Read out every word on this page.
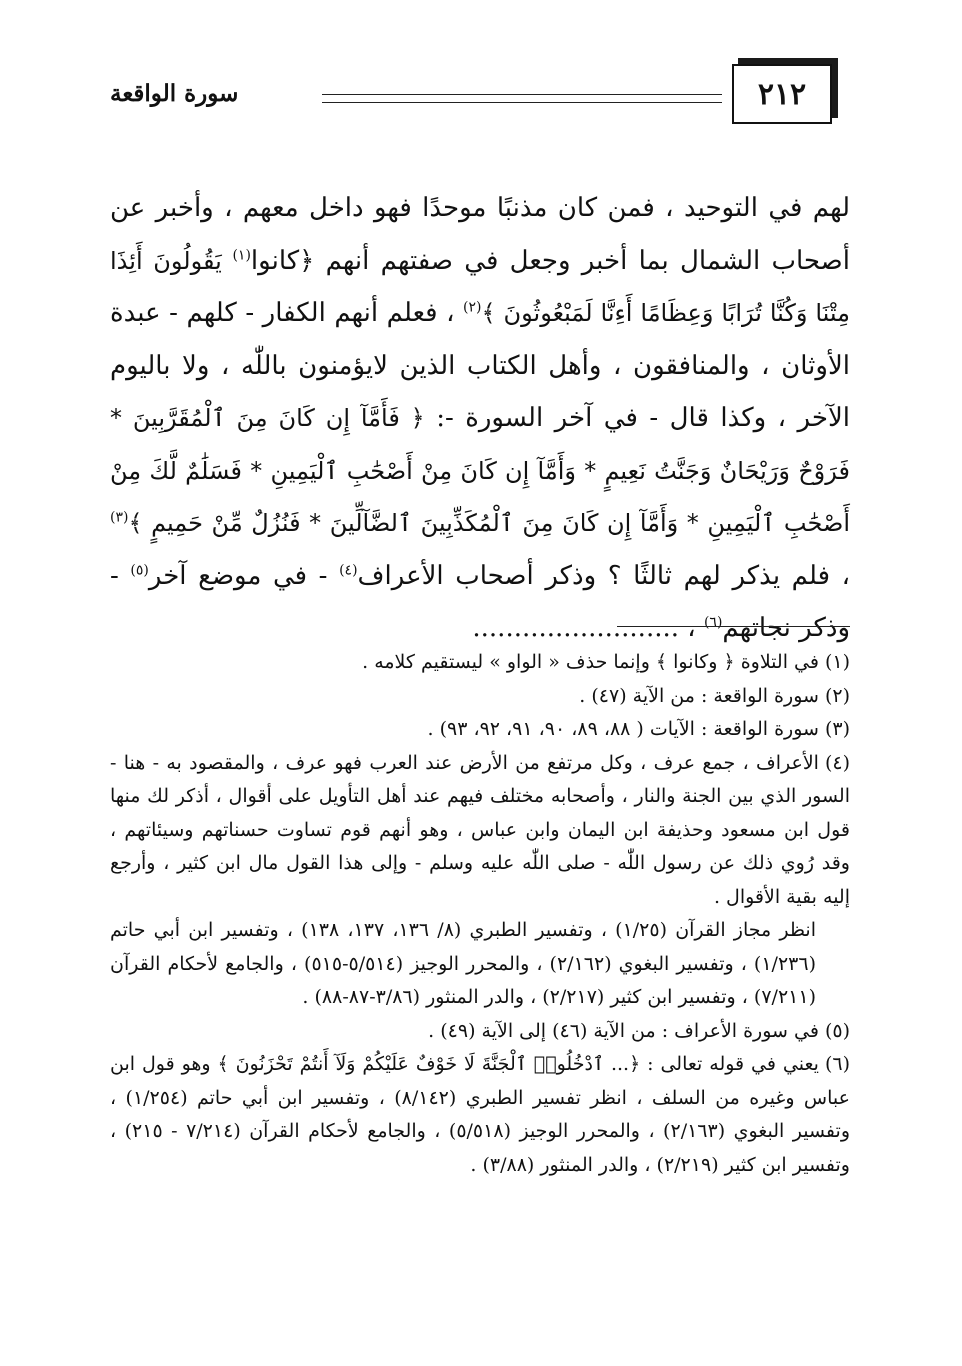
٢١٢
سورة الواقعة

لهم في التوحيد ، فمن كان مذنبًا موحدًا فهو داخل معهم ، وأخبر عن أصحاب الشمال بما أخبر وجعل في صفتهم أنهم ﴿كانوا$^{(١)}$ يَقُولُونَ أَئِذَا مِتْنَا وَكُنَّا تُرَابًا وَعِظَامًا أَءِنَّا لَمَبْعُوثُونَ ﴾$^{(٢)}$ ، فعلم أنهم الكفار - كلهم - عبدة الأوثان ، والمنافقون ، وأهل الكتاب الذين لايؤمنون باللّٰه ، ولا باليوم الآخر ، وكذا قال - في آخر السورة -: ﴿ فَأَمَّآ إِن كَانَ مِنَ ٱلْمُقَرَّبِينَ * فَرَوْحٌ وَرَيْحَانٌ وَجَنَّتُ نَعِيمٍ * وَأَمَّآ إِن كَانَ مِنْ أَصْحَٰبِ ٱلْيَمِينِ * فَسَلَٰمٌ لَّكَ مِنْ أَصْحَٰبِ ٱلْيَمِينِ * وَأَمَّآ إِن كَانَ مِنَ ٱلْمُكَذِّبِينَ ٱلضَّآلِّينَ * فَنُزُلٌ مِّنْ حَمِيمٍ ﴾$^{(٣)}$ ، فلم يذكر لهم ثالثًا ؟ وذكر أصحاب الأعراف$^{(٤)}$ - في موضع آخر$^{(٥)}$ - وذكر نجاتهم$^{(٦)}$ ، .........................

(١)في التلاوة ﴿ وكانوا ﴾ وإنما حذف « الواو » ليستقيم كلامه .

(٢)سورة الواقعة : من الآية (٤٧) .

(٣)سورة الواقعة : الآيات ( ٨٨، ٨٩، ٩٠، ٩١، ٩٢، ٩٣) .

(٤)الأعراف ، جمع عرف ، وكل مرتفع من الأرض عند العرب فهو عرف ، والمقصود به - هنا - السور الذي بين الجنة والنار ، وأصحابه مختلف فيهم عند أهل التأويل على أقوال ، أذكر لك منها قول ابن مسعود وحذيفة ابن اليمان وابن عباس ، وهو أنهم قوم تساوت حسناتهم وسيئاتهم ، وقد رُوي ذلك عن رسول اللّٰه - صلى اللّٰه عليه وسلم - وإلى هذا القول مال ابن كثير ، وأرجع إليه بقية الأقوال .

انظر مجاز القرآن (١/٢٥) ، وتفسير الطبري (٨/ ١٣٦، ١٣٧، ١٣٨) ، وتفسير ابن أبي حاتم (١/٢٣٦) ، وتفسير البغوي (٢/١٦٢) ، والمحرر الوجيز (٥/٥١٤-٥١٥) ، والجامع لأحكام القرآن (٧/٢١١) ، وتفسير ابن كثير (٢/٢١٧) ، والدر المنثور (٣/٨٦-٨٧-٨٨) .

(٥)في سورة الأعراف : من الآية (٤٦) إلى الآية (٤٩) .

(٦)يعني في قوله تعالى : ﴿... ٱدْخُلُوا۟ ٱلْجَنَّةَ لَا خَوْفٌ عَلَيْكُمْ وَلَآ أَنتُمْ تَحْزَنُونَ ﴾ وهو قول ابن عباس وغيره من السلف ، انظر تفسير الطبري (٨/١٤٢) ، وتفسير ابن أبي حاتم (١/٢٥٤) ، وتفسير البغوي (٢/١٦٣) ، والمحرر الوجيز (٥/٥١٨) ، والجامع لأحكام القرآن (٧/٢١٤ - ٢١٥) ، وتفسير ابن كثير (٢/٢١٩) ، والدر المنثور (٣/٨٨) .
